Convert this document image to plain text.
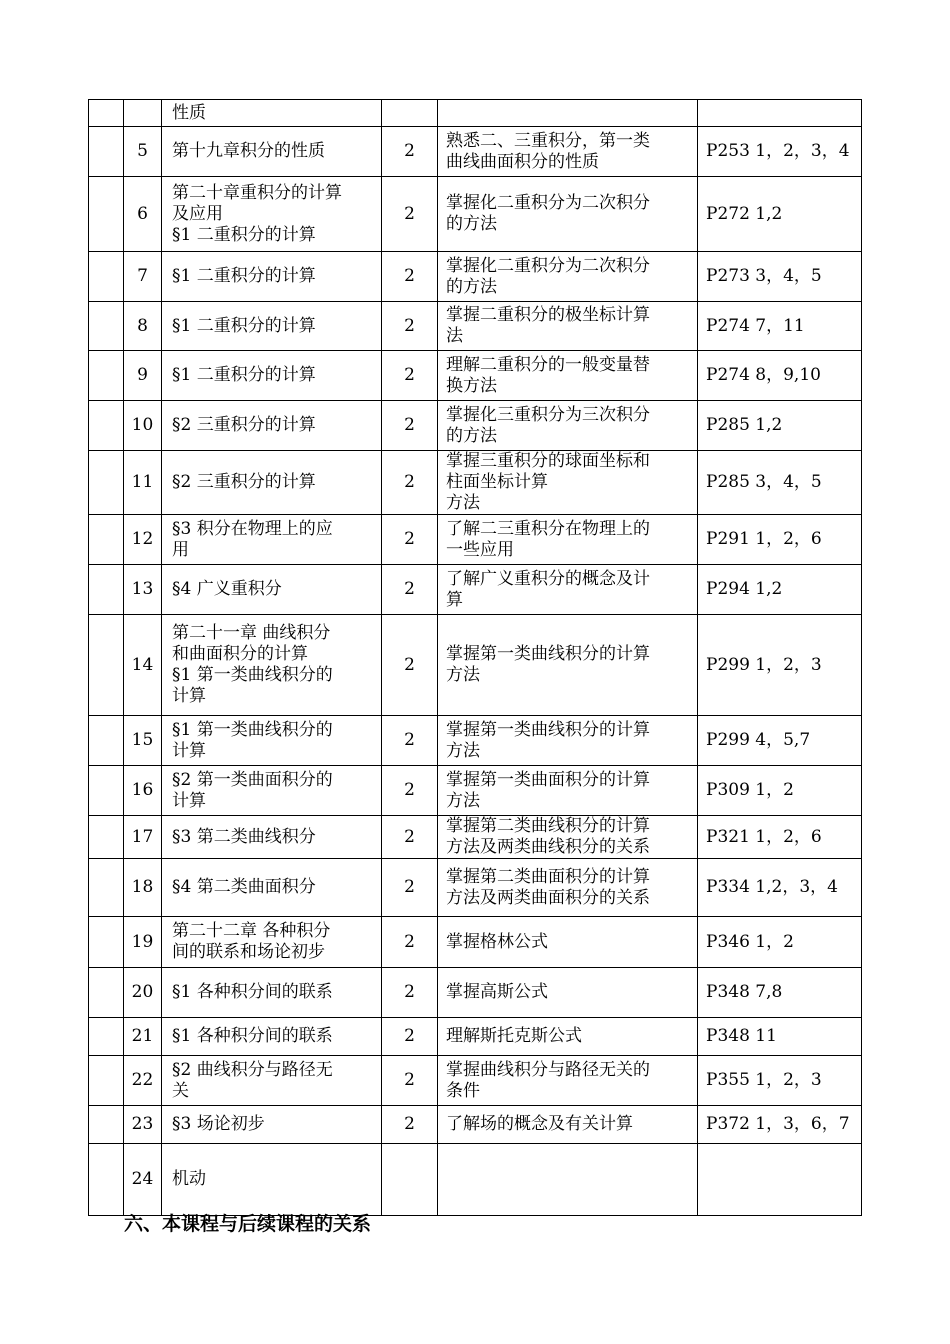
		性质			
	5	第十九章积分的性质	2	熟悉二、三重积分，第一类
曲线曲面积分的性质	P253 1，2，3，4
	6	第二十章重积分的计算
及应用
§1 二重积分的计算	2	掌握化二重积分为二次积分
的方法	P272 1,2
	7	§1 二重积分的计算	2	掌握化二重积分为二次积分
的方法	P273 3，4，5
	8	§1 二重积分的计算	2	掌握二重积分的极坐标计算
法	P274 7，11
	9	§1 二重积分的计算	2	理解二重积分的一般变量替
换方法	P274 8，9,10
	10	§2 三重积分的计算	2	掌握化三重积分为三次积分
的方法	P285 1,2
	11	§2 三重积分的计算	2	掌握三重积分的球面坐标和
柱面坐标计算
方法	P285 3，4，5
	12	§3 积分在物理上的应
用	2	了解二三重积分在物理上的
一些应用	P291 1，2，6
	13	§4 广义重积分	2	了解广义重积分的概念及计
算	P294 1,2
	14	第二十一章 曲线积分
和曲面积分的计算
§1 第一类曲线积分的
计算	2	掌握第一类曲线积分的计算
方法	P299 1，2，3
	15	§1 第一类曲线积分的
计算	2	掌握第一类曲线积分的计算
方法	P299 4，5,7
	16	§2 第一类曲面积分的
计算	2	掌握第一类曲面积分的计算
方法	P309 1，2
	17	§3 第二类曲线积分	2	掌握第二类曲线积分的计算
方法及两类曲线积分的关系	P321 1，2，6
	18	§4 第二类曲面积分	2	掌握第二类曲面积分的计算
方法及两类曲面积分的关系	P334 1,2，3，4
	19	第二十二章 各种积分
间的联系和场论初步	2	掌握格林公式	P346 1，2
	20	§1 各种积分间的联系	2	掌握高斯公式	P348 7,8
	21	§1 各种积分间的联系	2	理解斯托克斯公式	P348 11
	22	§2 曲线积分与路径无
关	2	掌握曲线积分与路径无关的
条件	P355 1，2，3
	23	§3 场论初步	2	了解场的概念及有关计算	P372 1，3，6，7
	24	机动			
六、本课程与后续课程的关系
